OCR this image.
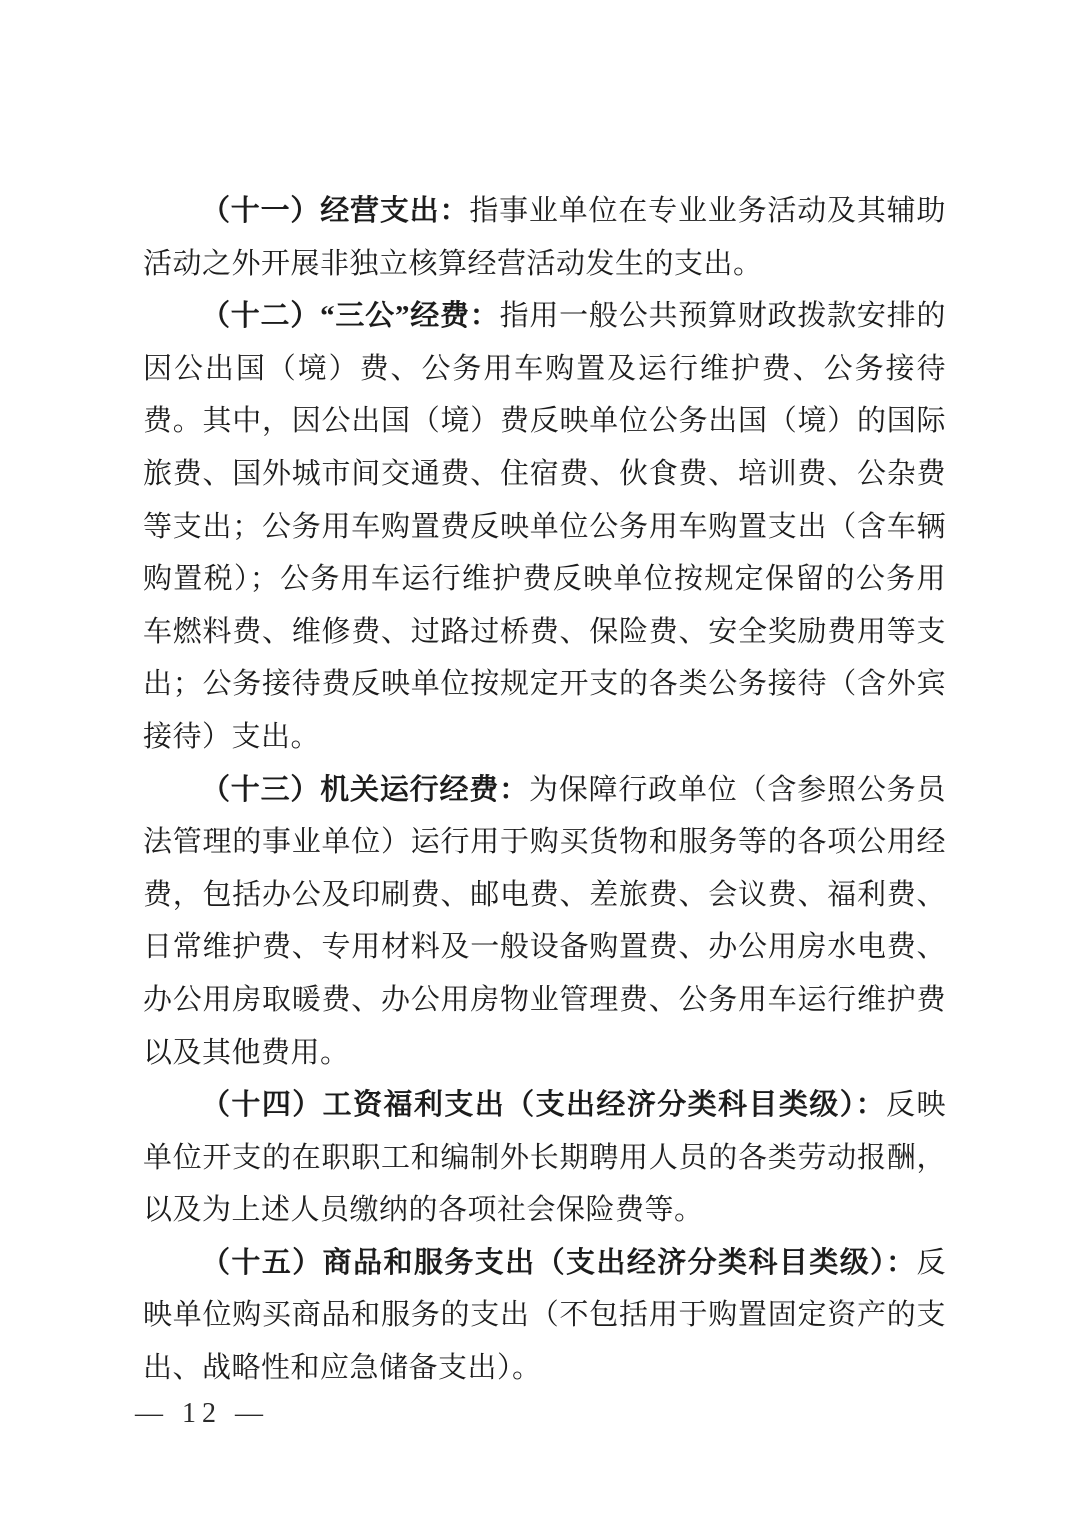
（十一）经营支出：指事业单位在专业业务活动及其辅助活动之外开展非独立核算经营活动发生的支出。

（十二）“三公”经费：指用一般公共预算财政拨款安排的因公出国（境）费、公务用车购置及运行维护费、公务接待费。其中，因公出国（境）费反映单位公务出国（境）的国际旅费、国外城市间交通费、住宿费、伙食费、培训费、公杂费等支出；公务用车购置费反映单位公务用车购置支出（含车辆购置税）；公务用车运行维护费反映单位按规定保留的公务用车燃料费、维修费、过路过桥费、保险费、安全奖励费用等支出；公务接待费反映单位按规定开支的各类公务接待（含外宾接待）支出。

（十三）机关运行经费：为保障行政单位（含参照公务员法管理的事业单位）运行用于购买货物和服务等的各项公用经费，包括办公及印刷费、邮电费、差旅费、会议费、福利费、日常维护费、专用材料及一般设备购置费、办公用房水电费、办公用房取暖费、办公用房物业管理费、公务用车运行维护费以及其他费用。

（十四）工资福利支出（支出经济分类科目类级）：反映单位开支的在职职工和编制外长期聘用人员的各类劳动报酬，以及为上述人员缴纳的各项社会保险费等。

（十五）商品和服务支出（支出经济分类科目类级）：反映单位购买商品和服务的支出（不包括用于购置固定资产的支出、战略性和应急储备支出）。

— 12 —
